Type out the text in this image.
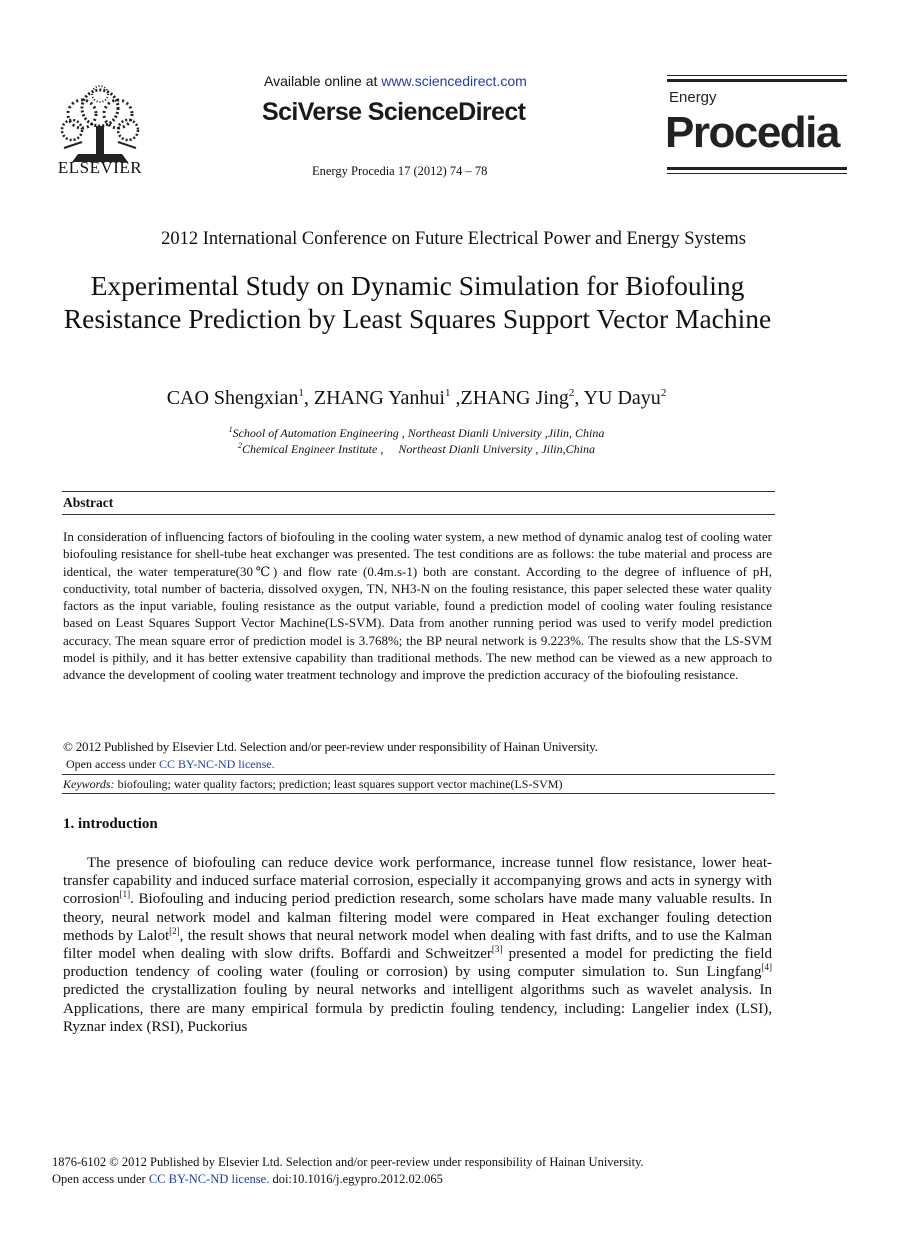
ELSEVIER
Available online at www.sciencedirect.com
SciVerse ScienceDirect
Energy Procedia 17 (2012) 74 – 78
Energy
Procedia
2012 International Conference on Future Electrical Power and Energy Systems
Experimental Study on Dynamic Simulation for Biofouling Resistance Prediction by Least Squares Support Vector Machine
CAO Shengxian$^1$, ZHANG Yanhui$^1$ ,ZHANG Jing$^2$, YU Dayu$^2$
$^1$School of Automation Engineering , Northeast Dianli University ,Jilin, China
$^2$Chemical Engineer Institute ,     Northeast Dianli University , Jilin,China
Abstract
In consideration of influencing factors of biofouling in the cooling water system, a new method of dynamic analog test of cooling water biofouling resistance for shell-tube heat exchanger was presented. The test conditions are as follows: the tube material and process are identical, the water temperature(30℃) and flow rate (0.4m.s-1) both are constant. According to the degree of influence of pH, conductivity, total number of bacteria, dissolved oxygen, TN, NH3-N on the fouling resistance, this paper selected these water quality factors as the input variable, fouling resistance as the output variable, found a prediction model of cooling water fouling resistance based on Least Squares Support Vector Machine(LS-SVM). Data from another running period was used to verify model prediction accuracy. The mean square error of prediction model is 3.768%; the BP neural network is 9.223%. The results show that the LS-SVM model is pithily, and it has better extensive capability than traditional methods. The new method can be viewed as a new approach to advance the development of cooling water treatment technology and improve the prediction accuracy of the biofouling resistance.
© 2012 Published by Elsevier Ltd. Selection and/or peer-review under responsibility of Hainan University.
Open access under CC BY-NC-ND license.
Keywords: biofouling; water quality factors; prediction; least squares support vector machine(LS-SVM)
1. introduction

The presence of biofouling can reduce device work performance, increase tunnel flow resistance, lower heat-transfer capability and induced surface material corrosion, especially it accompanying grows and acts in synergy with corrosion[1]. Biofouling and inducing period prediction research, some scholars have made many valuable results. In theory, neural network model and kalman filtering model were compared in Heat exchanger fouling detection methods by Lalot[2], the result shows that neural network model when dealing with fast drifts, and to use the Kalman filter model when dealing with slow drifts. Boffardi and Schweitzer[3] presented a model for predicting the field production tendency of cooling water (fouling or corrosion) by using computer simulation to. Sun Lingfang[4] predicted the crystallization fouling by neural networks and intelligent algorithms such as wavelet analysis. In Applications, there are many empirical formula by predictin fouling tendency, including: Langelier index (LSI), Ryznar index (RSI), Puckorius

1876-6102 © 2012 Published by Elsevier Ltd. Selection and/or peer-review under responsibility of Hainan University.
Open access under CC BY-NC-ND license. doi:10.1016/j.egypro.2012.02.065
